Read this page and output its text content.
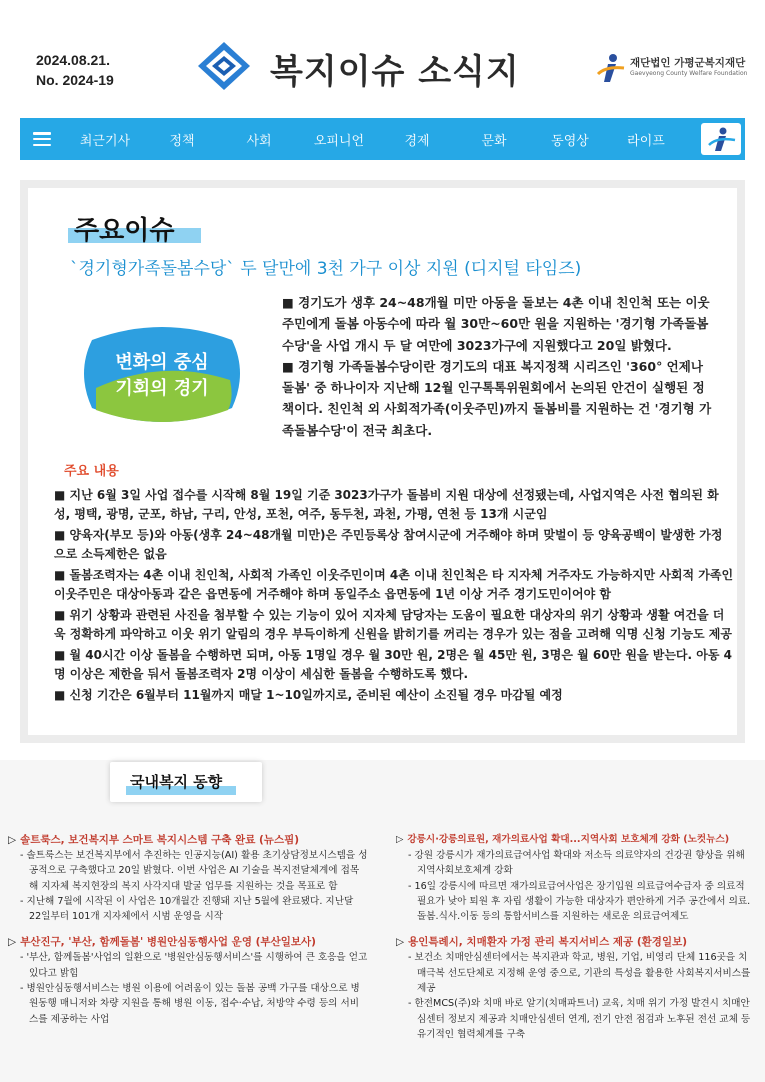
2024.08.21.
No. 2024-19	복지이슈 소식지	재단법인 가평군복지재단
Gaevyeong County Welfare Foundation
최근기사	정책	사회	오피니언	경제	문화	동영상	라이프
주요이슈
`경기형가족돌봄수당` 두 달만에 3천 가구 이상 지원 (디지털 타임즈)
변화의 중심
기회의 경기

■ 경기도가 생후 24~48개월 미만 아동을 돌보는 4촌 이내 친인척 또는 이웃주민에게 돌봄 아동수에 따라 월 30만~60만 원을 지원하는 '경기형 가족돌봄수당'을 사업 개시 두 달 여만에 3023가구에 지원했다고 20일 밝혔다.

■ 경기형 가족돌봄수당이란 경기도의 대표 복지정책 시리즈인 '360° 언제나 돌봄' 중 하나이자 지난해 12월 인구톡톡위원회에서 논의된 안건이 실행된 정책이다. 친인척 외 사회적가족(이웃주민)까지 돌봄비를 지원하는 건 '경기형 가족돌봄수당'이 전국 최초다.

주요 내용
■ 지난 6월 3일 사업 접수를 시작해 8월 19일 기준 3023가구가 돌봄비 지원 대상에 선정됐는데, 사업지역은 사전 협의된 화성, 평택, 광명, 군포, 하남, 구리, 안성, 포천, 여주, 동두천, 과천, 가평, 연천 등 13개 시군임
■ 양육자(부모 등)와 아동(생후 24~48개월 미만)은 주민등록상 참여시군에 거주해야 하며 맞벌이 등 양육공백이 발생한 가정으로 소득제한은 없음
■ 돌봄조력자는 4촌 이내 친인척, 사회적 가족인 이웃주민이며 4촌 이내 친인척은 타 지자체 거주자도 가능하지만 사회적 가족인 이웃주민은 대상아동과 같은 읍면동에 거주해야 하며 동일주소 읍면동에 1년 이상 거주 경기도민이어야 함
■ 위기 상황과 관련된 사진을 첨부할 수 있는 기능이 있어 지자체 담당자는 도움이 필요한 대상자의 위기 상황과 생활 여건을 더욱 정확하게 파악하고 이웃 위기 알림의 경우 부득이하게 신원을 밝히기를 꺼리는 경우가 있는 점을 고려해 익명 신청 기능도 제공
■ 월 40시간 이상 돌봄을 수행하면 되며, 아동 1명일 경우 월 30만 원, 2명은 월 45만 원, 3명은 월 60만 원을 받는다. 아동 4명 이상은 제한을 둬서 돌봄조력자 2명 이상이 세심한 돌봄을 수행하도록 했다.
■ 신청 기간은 6월부터 11월까지 매달 1~10일까지로, 준비된 예산이 소진될 경우 마감될 예정
국내복지 동향
▷ 솔트룩스, 보건복지부 스마트 복지시스템 구축 완료 (뉴스핌)
- 솔트룩스는 보건복지부에서 추진하는 인공지능(AI) 활용 초기상담정보시스템을 성공적으로 구축했다고 20일 밝혔다. 이번 사업은 AI 기술을 복지전달체계에 접목해 지자체 복지현장의 복지 사각지대 발굴 업무를 지원하는 것을 목표로 함
- 지난해 7월에 시작된 이 사업은 10개월간 진행돼 지난 5월에 완료됐다. 지난달 22일부터 101개 지자체에서 시범 운영을 시작
▷ 부산진구, '부산, 함께돌봄' 병원안심동행사업 운영 (부산일보사)
- '부산, 함께돌봄'사업의 일환으로 '병원안심동행서비스'를 시행하여 큰 호응을 얻고 있다고 밝힘
- 병원안심동행서비스는 병원 이용에 어려움이 있는 돌봄 공백 가구를 대상으로 병원동행 매니저와 차량 지원을 통해 병원 이동, 접수·수납, 처방약 수령 등의 서비스를 제공하는 사업
▷ 강릉시·강릉의료원, 재가의료사업 확대...지역사회 보호체계 강화 (노컷뉴스)
- 강원 강릉시가 재가의료급여사업 확대와 저소득 의료약자의 건강권 향상을 위해 지역사회보호체계 강화
- 16일 강릉시에 따르면 재가의료급여사업은 장기입원 의료급여수급자 중 의료적 필요가 낮아 퇴원 후 자립 생활이 가능한 대상자가 편안하게 거주 공간에서 의료.돌봄.식사.이동 등의 통합서비스를 지원하는 새로운 의료급여제도
▷ 용인특례시, 치매환자 가정 관리 복지서비스 제공 (환경일보)
- 보건소 치매안심센터에서는 복지관과 학교, 병원, 기업, 비영리 단체 116곳을 치매극복 선도단체로 지정해 운영 중으로, 기관의 특성을 활용한 사회복지서비스를 제공
- 한전MCS(주)와 치매 바로 알기(치매파트너) 교육, 치매 위기 가정 발견시 치매안심센터 정보지 제공과 치매안심센터 연계, 전기 안전 점검과 노후된 전선 교체 등 유기적인 협력체계를 구축
